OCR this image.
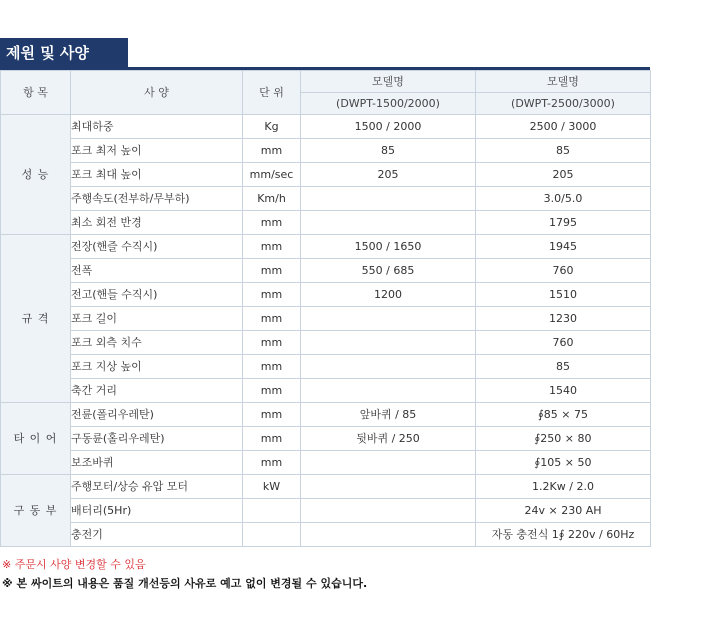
제원 및 사양
항 목	사 양	단 위	모델명	모델명
			(DWPT-1500/2000)	(DWPT-2500/3000)
성 능	최대하중	Kg	1500 / 2000	2500 / 3000
	포크 최저 높이	mm	85	85
	포크 최대 높이	mm/sec	205	205
	주행속도(전부하/무부하)	Km/h		3.0/5.0
	최소 회전 반경	mm		1795
규 격	전장(핸즐 수직시)	mm	1500 / 1650	1945
	전폭	mm	550 / 685	760
	전고(핸들 수직시)	mm	1200	1510
	포크 길이	mm		1230
	포크 외측 치수	mm		760
	포크 지상 높이	mm		85
	축간 거리	mm		1540
타 이 어	전륜(폴리우레탄)	mm	앞바퀴 / 85	∮85 × 75
	구동륜(홀리우레탄)	mm	뒷바퀴 / 250	∮250 × 80
	보조바퀴	mm		∮105 × 50
구 동 부	주행모터/상승 유압 모터	kW		1.2Kw / 2.0
	배터리(5Hr)			24v × 230 AH
	충전기			자동 충전식 1∮ 220v / 60Hz
※ 주문시 사양 변경할 수 있음
※ 본 싸이트의 내용은 품질 개선등의 사유로 예고 없이 변경될 수 있습니다.
